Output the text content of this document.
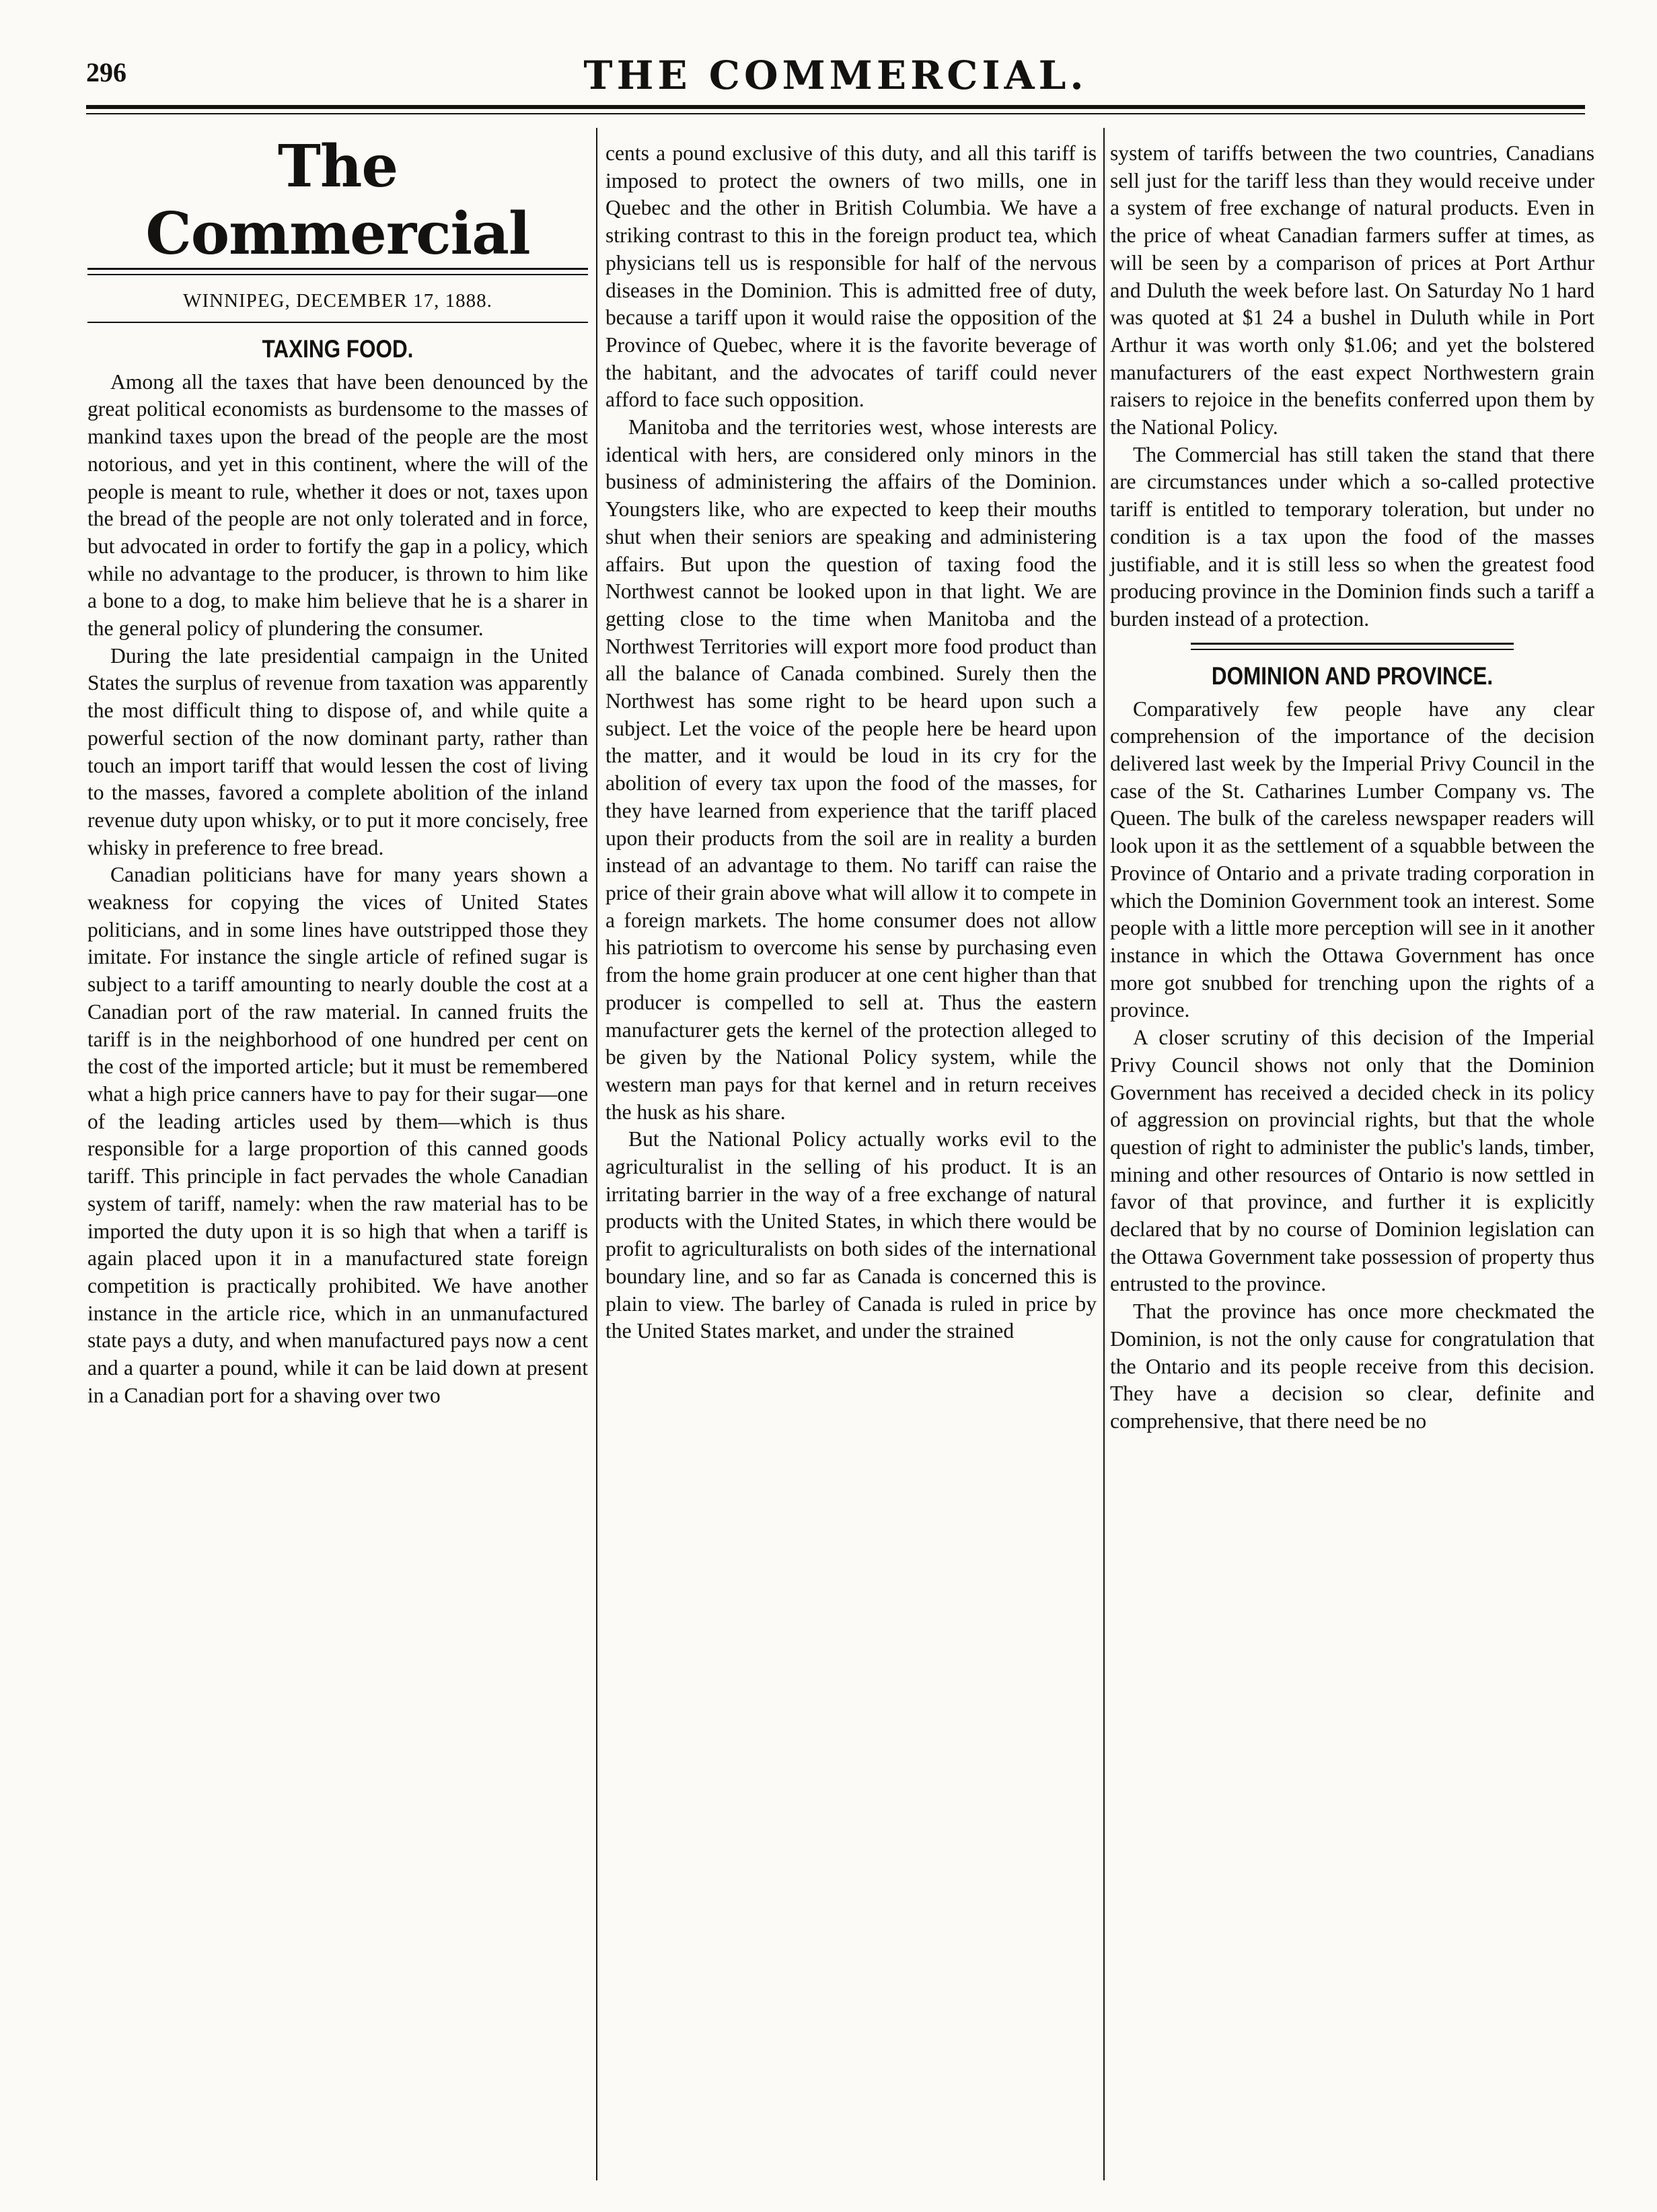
296	THE COMMERCIAL.
The Commercial
WINNIPEG, DECEMBER 17, 1888.
TAXING FOOD.

Among all the taxes that have been denounced by the great political economists as burdensome to the masses of mankind taxes upon the bread of the people are the most notorious, and yet in this continent, where the will of the people is meant to rule, whether it does or not, taxes upon the bread of the people are not only tolerated and in force, but advocated in order to fortify the gap in a policy, which while no advantage to the producer, is thrown to him like a bone to a dog, to make him believe that he is a sharer in the general policy of plundering the consumer.

During the late presidential campaign in the United States the surplus of revenue from taxation was apparently the most difficult thing to dispose of, and while quite a powerful section of the now dominant party, rather than touch an import tariff that would lessen the cost of living to the masses, favored a complete abolition of the inland revenue duty upon whisky, or to put it more concisely, free whisky in preference to free bread.

Canadian politicians have for many years shown a weakness for copying the vices of United States politicians, and in some lines have outstripped those they imitate. For instance the single article of refined sugar is subject to a tariff amounting to nearly double the cost at a Canadian port of the raw material. In canned fruits the tariff is in the neighborhood of one hundred per cent on the cost of the imported article; but it must be remembered what a high price canners have to pay for their sugar—one of the leading articles used by them—which is thus responsible for a large proportion of this canned goods tariff. This principle in fact pervades the whole Canadian system of tariff, namely: when the raw material has to be imported the duty upon it is so high that when a tariff is again placed upon it in a manufactured state foreign competition is practically prohibited. We have another instance in the article rice, which in an unmanufactured state pays a duty, and when manufactured pays now a cent and a quarter a pound, while it can be laid down at present in a Canadian port for a shaving over two

cents a pound exclusive of this duty, and all this tariff is imposed to protect the owners of two mills, one in Quebec and the other in British Columbia. We have a striking contrast to this in the foreign product tea, which physicians tell us is responsible for half of the nervous diseases in the Dominion. This is admitted free of duty, because a tariff upon it would raise the opposition of the Province of Quebec, where it is the favorite beverage of the habitant, and the advocates of tariff could never afford to face such opposition.

Manitoba and the territories west, whose interests are identical with hers, are considered only minors in the business of administering the affairs of the Dominion. Youngsters like, who are expected to keep their mouths shut when their seniors are speaking and administering affairs. But upon the question of taxing food the Northwest cannot be looked upon in that light. We are getting close to the time when Manitoba and the Northwest Territories will export more food product than all the balance of Canada combined. Surely then the Northwest has some right to be heard upon such a subject. Let the voice of the people here be heard upon the matter, and it would be loud in its cry for the abolition of every tax upon the food of the masses, for they have learned from experience that the tariff placed upon their products from the soil are in reality a burden instead of an advantage to them. No tariff can raise the price of their grain above what will allow it to compete in a foreign markets. The home consumer does not allow his patriotism to overcome his sense by purchasing even from the home grain producer at one cent higher than that producer is compelled to sell at. Thus the eastern manufacturer gets the kernel of the protection alleged to be given by the National Policy system, while the western man pays for that kernel and in return receives the husk as his share.

But the National Policy actually works evil to the agriculturalist in the selling of his product. It is an irritating barrier in the way of a free exchange of natural products with the United States, in which there would be profit to agriculturalists on both sides of the international boundary line, and so far as Canada is concerned this is plain to view. The barley of Canada is ruled in price by the United States market, and under the strained

system of tariffs between the two countries, Canadians sell just for the tariff less than they would receive under a system of free exchange of natural products. Even in the price of wheat Canadian farmers suffer at times, as will be seen by a comparison of prices at Port Arthur and Duluth the week before last. On Saturday No 1 hard was quoted at $1 24 a bushel in Duluth while in Port Arthur it was worth only $1.06; and yet the bolstered manufacturers of the east expect Northwestern grain raisers to rejoice in the benefits conferred upon them by the National Policy.

The Commercial has still taken the stand that there are circumstances under which a so-called protective tariff is entitled to temporary toleration, but under no condition is a tax upon the food of the masses justifiable, and it is still less so when the greatest food producing province in the Dominion finds such a tariff a burden instead of a protection.

DOMINION AND PROVINCE.

Comparatively few people have any clear comprehension of the importance of the decision delivered last week by the Imperial Privy Council in the case of the St. Catharines Lumber Company vs. The Queen. The bulk of the careless newspaper readers will look upon it as the settlement of a squabble between the Province of Ontario and a private trading corporation in which the Dominion Government took an interest. Some people with a little more perception will see in it another instance in which the Ottawa Government has once more got snubbed for trenching upon the rights of a province.

A closer scrutiny of this decision of the Imperial Privy Council shows not only that the Dominion Government has received a decided check in its policy of aggression on provincial rights, but that the whole question of right to administer the public's lands, timber, mining and other resources of Ontario is now settled in favor of that province, and further it is explicitly declared that by no course of Dominion legislation can the Ottawa Government take possession of property thus entrusted to the province.

That the province has once more checkmated the Dominion, is not the only cause for congratulation that the Ontario and its people receive from this decision. They have a decision so clear, definite and comprehensive, that there need be no
